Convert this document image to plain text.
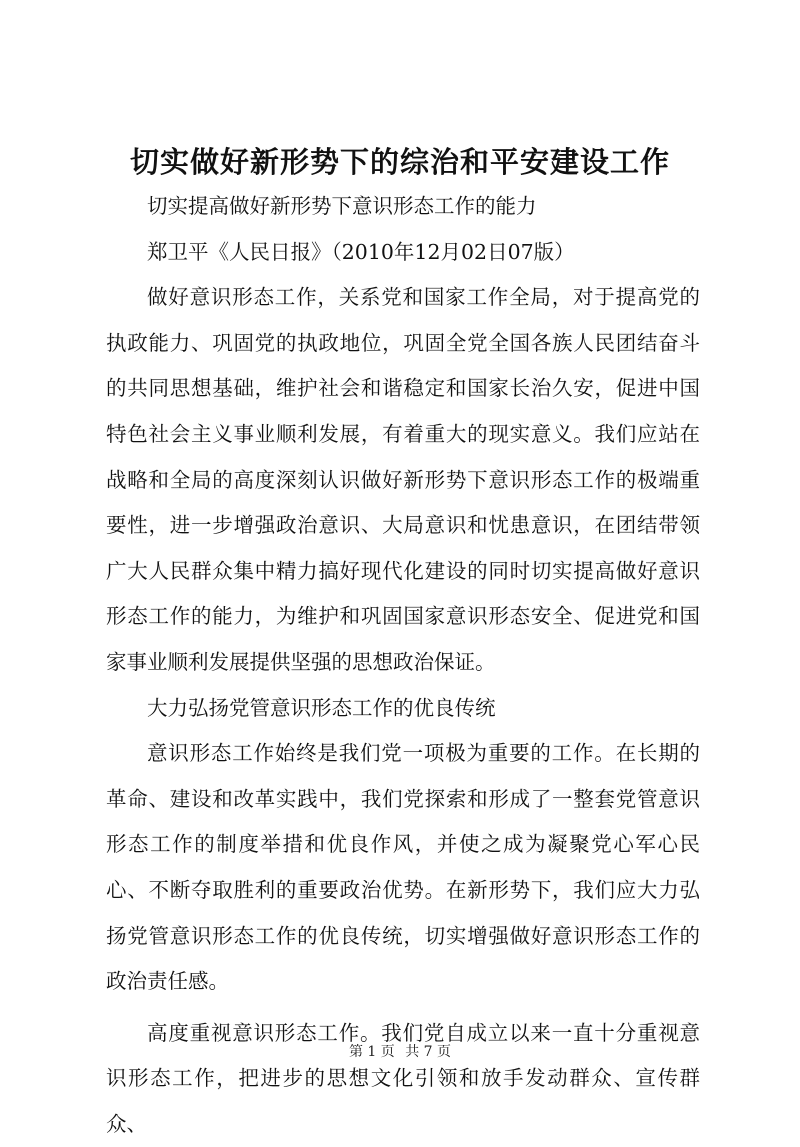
切实做好新形势下的综治和平安建设工作

切实提高做好新形势下意识形态工作的能力

郑卫平《人民日报》（2010年12月02日07版）

做好意识形态工作，关系党和国家工作全局，对于提高党的执政能力、巩固党的执政地位，巩固全党全国各族人民团结奋斗的共同思想基础，维护社会和谐稳定和国家长治久安，促进中国特色社会主义事业顺利发展，有着重大的现实意义。我们应站在战略和全局的高度深刻认识做好新形势下意识形态工作的极端重要性，进一步增强政治意识、大局意识和忧患意识，在团结带领广大人民群众集中精力搞好现代化建设的同时切实提高做好意识形态工作的能力，为维护和巩固国家意识形态安全、促进党和国家事业顺利发展提供坚强的思想政治保证。

大力弘扬党管意识形态工作的优良传统

意识形态工作始终是我们党一项极为重要的工作。在长期的革命、建设和改革实践中，我们党探索和形成了一整套党管意识形态工作的制度举措和优良作风，并使之成为凝聚党心军心民心、不断夺取胜利的重要政治优势。在新形势下，我们应大力弘扬党管意识形态工作的优良传统，切实增强做好意识形态工作的政治责任感。

高度重视意识形态工作。我们党自成立以来一直十分重视意识形态工作，把进步的思想文化引领和放手发动群众、宣传群众、

第 1 页 共 7 页
